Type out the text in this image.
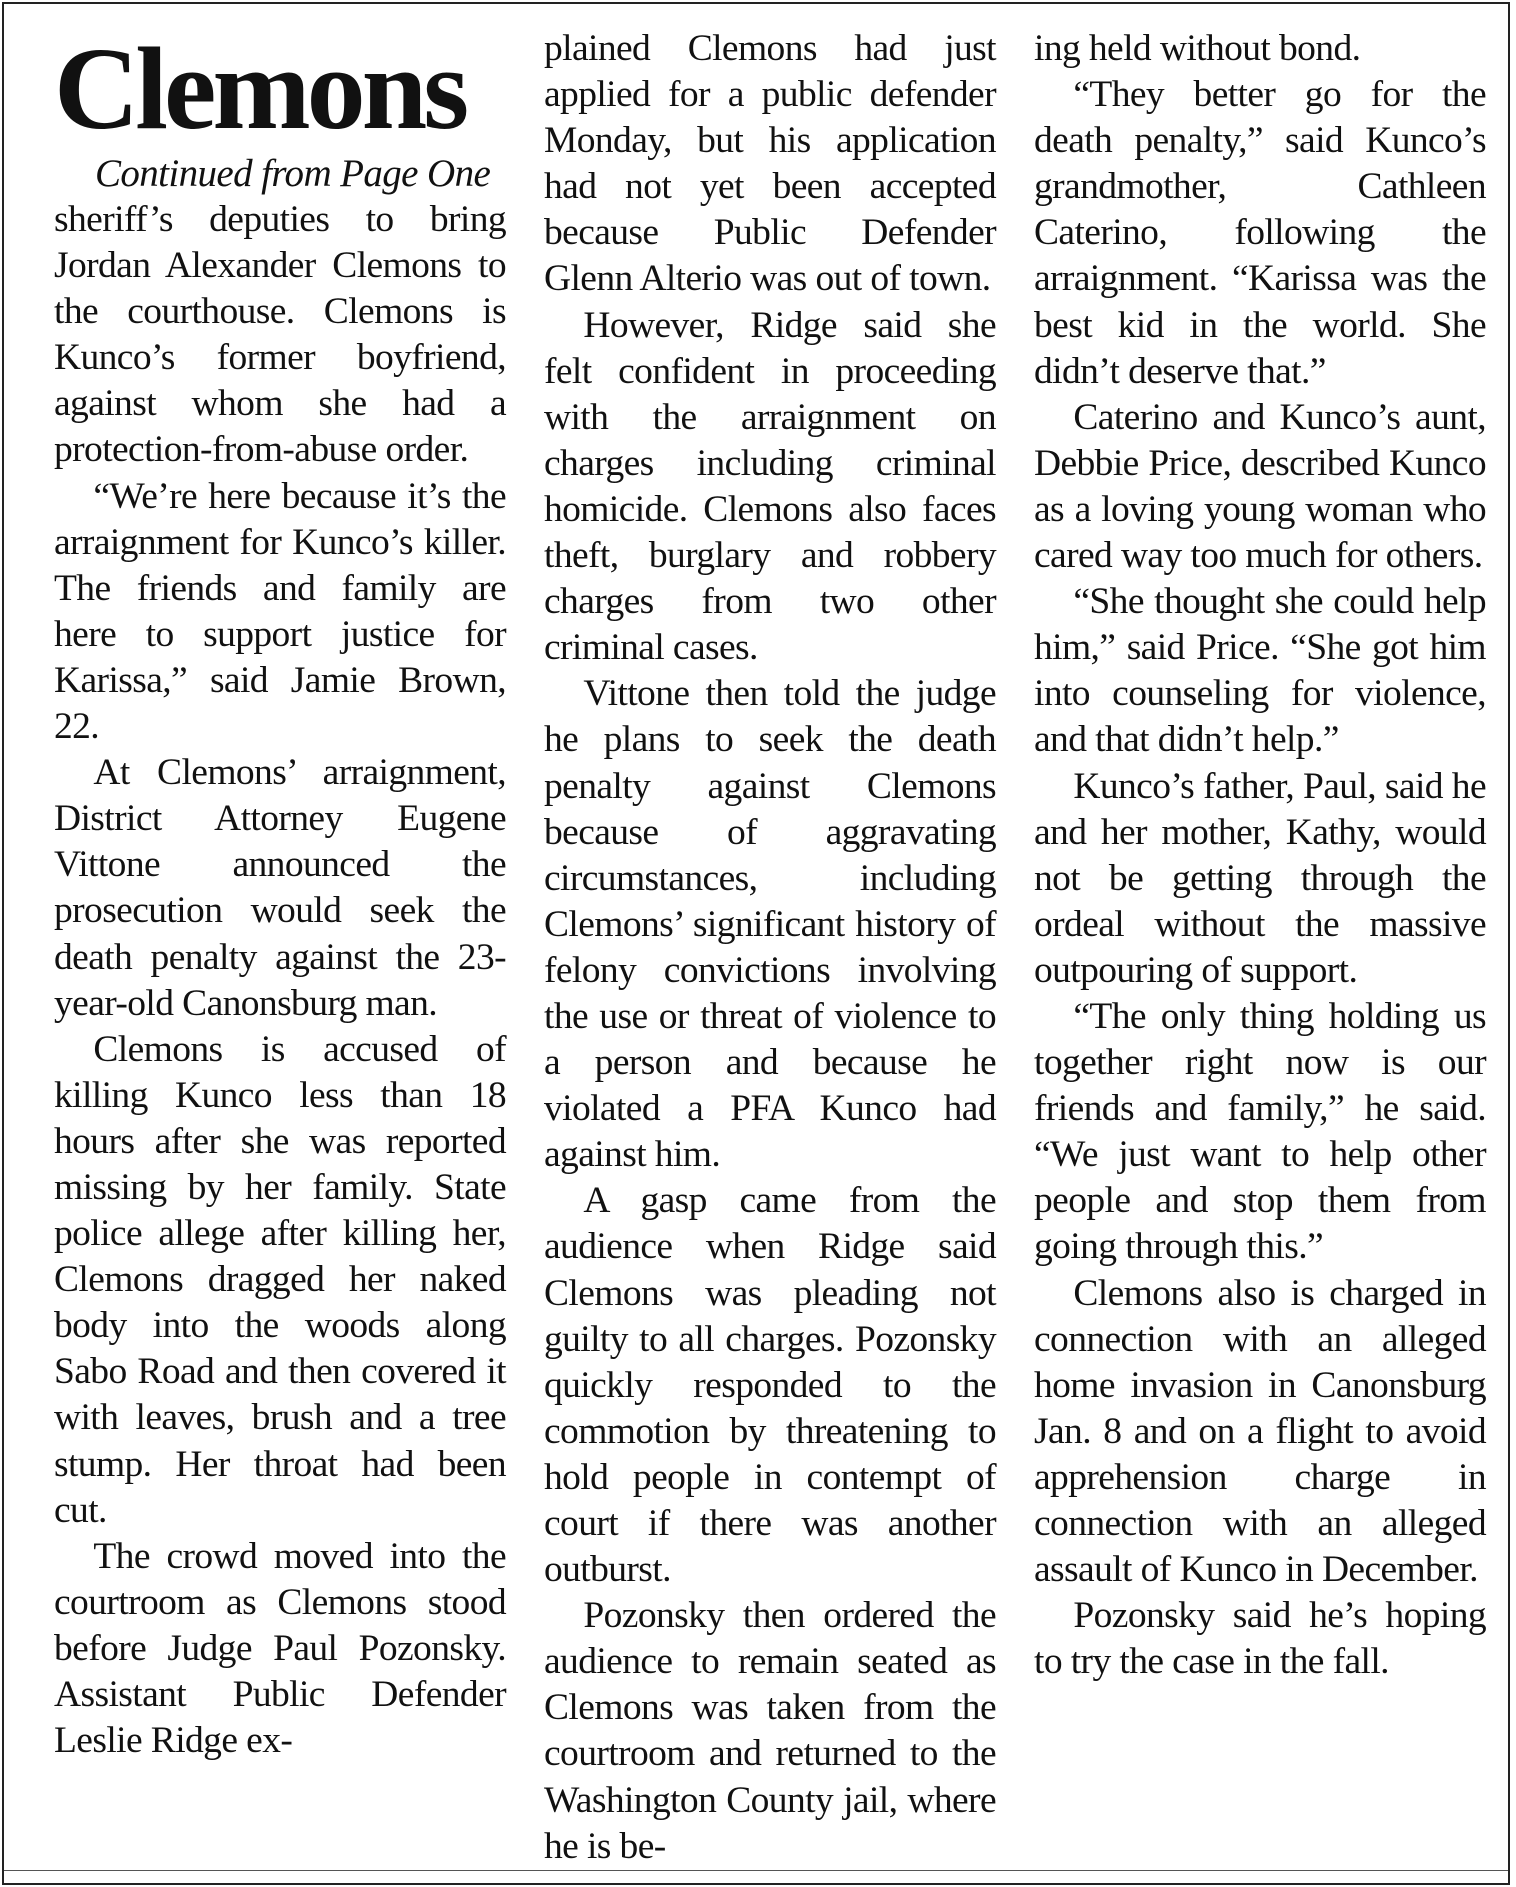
Clemons

Continued from Page One

sheriff’s deputies to bring Jordan Alexander Clemons to the courthouse. Clemons is Kunco’s former boyfriend, against whom she had a protection-from-abuse order.

“We’re here because it’s the arraignment for Kunco’s killer. The friends and family are here to support justice for Karissa,” said Jamie Brown, 22.

At Clemons’ arraignment, District Attorney Eugene Vittone announced the prosecution would seek the death penalty against the 23-year-old Canonsburg man.

Clemons is accused of killing Kunco less than 18 hours after she was reported missing by her family. State police allege after killing her, Clemons dragged her naked body into the woods along Sabo Road and then covered it with leaves, brush and a tree stump. Her throat had been cut.

The crowd moved into the courtroom as Clemons stood before Judge Paul Pozonsky. Assistant Public Defender Leslie Ridge ex-

plained Clemons had just applied for a public defender Monday, but his application had not yet been accepted because Public Defender Glenn Alterio was out of town.

However, Ridge said she felt confident in proceeding with the arraignment on charges including criminal homicide. Clemons also faces theft, burglary and robbery charges from two other criminal cases.

Vittone then told the judge he plans to seek the death penalty against Clemons because of aggravating circumstances, including Clemons’ significant history of felony convictions involving the use or threat of violence to a person and because he violated a PFA Kunco had against him.

A gasp came from the audience when Ridge said Clemons was pleading not guilty to all charges. Pozonsky quickly responded to the commotion by threatening to hold people in contempt of court if there was another outburst.

Pozonsky then ordered the audience to remain seated as Clemons was taken from the courtroom and returned to the Washington County jail, where he is be-

ing held without bond.

“They better go for the death penalty,” said Kunco’s grandmother, Cathleen Caterino, following the arraignment. “Karissa was the best kid in the world. She didn’t deserve that.”

Caterino and Kunco’s aunt, Debbie Price, described Kunco as a loving young woman who cared way too much for others.

“She thought she could help him,” said Price. “She got him into counseling for violence, and that didn’t help.”

Kunco’s father, Paul, said he and her mother, Kathy, would not be getting through the ordeal without the massive outpouring of support.

“The only thing holding us together right now is our friends and family,” he said. “We just want to help other people and stop them from going through this.”

Clemons also is charged in connection with an alleged home invasion in Canonsburg Jan. 8 and on a flight to avoid apprehension charge in connection with an alleged assault of Kunco in December.

Pozonsky said he’s hoping to try the case in the fall.
